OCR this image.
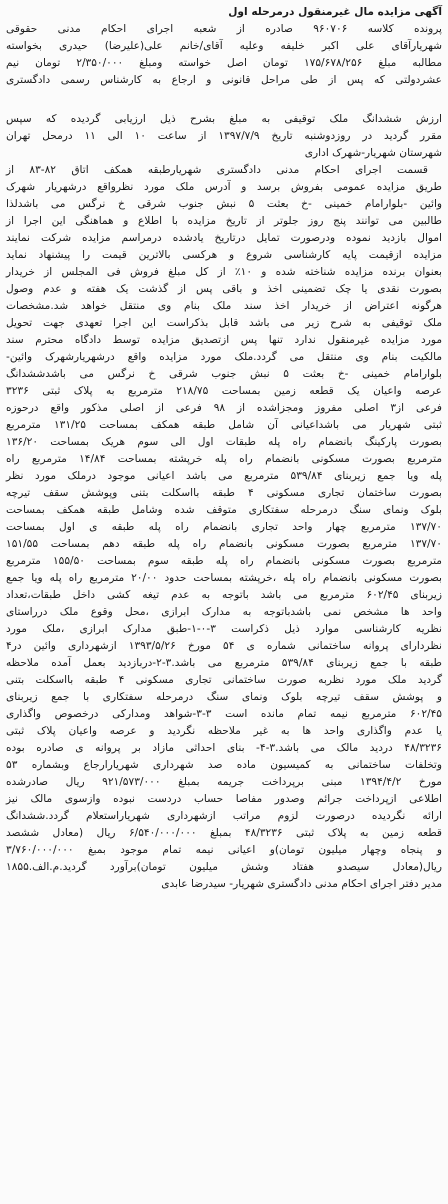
آگهی مزایده مال غیرمنقول درمرحله اول
پرونده کلاسه ۹۶۰۷۰۶ صادره از شعبه اجرای احکام مدنی حقوقی
شهریارآقای علی اکبر خلیفه وعلیه آقای/خانم علی(علیرضا) حیدری بخواسته
مطالبه مبلغ ۱۷۵/۶۷۸/۲۵۶ تومان اصل خواسته ومبلغ ۲/۳۵۰/۰۰۰ تومان نیم
عشردولتی که پس از طی مراحل قانونی و ارجاع به کارشناس رسمی دادگستری
ارزش ششدانگ ملک توقیفی به مبلغ بشرح ذیل ارزیابی گردیده که سپس
مقرر گردید در روزدوشنبه تاریخ ۱۳۹۷/۷/۹ از ساعت ۱۰ الی ۱۱ درمحل تهران
شهرستان شهریار-شهرک اداری
قسمت اجرای احکام مدنی دادگستری شهریارطبقه همکف اتاق ۸۲-۸۳ از
طریق مزایده عمومی بفروش برسد و آدرس ملک مورد نظرواقع درشهریار شهرک
وائین -بلوارامام خمینی -خ بعثت ۵ نبش جنوب شرقی خ نرگس می باشدلذا
طالبین می توانند پنج روز جلوتر از تاریخ مزایده با اطلاع و هماهنگی این اجرا از
اموال بازدید نموده ودرصورت تمایل درتاریخ یادشده درمراسم مزایده شرکت نمایند
مزایده ازقیمت پایه کارشناسی شروع و هرکسی بالاترین قیمت را پیشنهاد نماید
بعنوان برنده مزایده شناخته شده و ۱۰٪ از کل مبلغ فروش فی المجلس از خریدار
بصورت نقدی یا چک تضمینی اخذ و باقی پس از گذشت یک هفته و عدم وصول
هرگونه اعتراض از خریدار اخذ سند ملک بنام وی منتقل خواهد شد.مشخصات
ملک توقیفی به شرح زیر می باشد قابل بذکراست این اجرا تعهدی جهت تحویل
مورد مزایده غیرمنقول ندارد تنها پس ازتصدیق مزایده توسط دادگاه محترم سند
مالکیت بنام وی منتقل می گردد.ملک مورد مزایده واقع درشهریارشهرک وائین-
بلوارامام خمینی -خ بعثت ۵ نبش جنوب شرقی خ نرگس می باشدششدانگ
عرصه واعیان یک قطعه زمین بمساحت ۲۱۸/۷۵ مترمربع به پلاک ثبتی ۳۲۳۶
فرعی از۳ اصلی مفروز ومجزاشده از ۹۸ فرعی از اصلی مذکور واقع درحوزه
ثبتی شهریار می باشداعیانی آن شامل طبقه همکف بمساحت ۱۳۱/۲۵ مترمربع
بصورت پارکینگ بانضمام راه پله طبقات اول الی سوم هریک بمساحت ۱۳۶/۲۰
مترمربع بصورت مسکونی بانضمام راه پله خرپشته بمساحت ۱۴/۸۴ مترمربع راه
پله ویا جمع زیربنای ۵۳۹/۸۴ مترمربع می باشد اعیانی موجود درملک مورد نظر
بصورت ساختمان تجاری مسکونی ۴ طبقه بااسکلت بتنی وپوشش سقف تیرچه
بلوک ونمای سنگ درمرحله سفتکاری متوقف شده وشامل طبقه همکف بمساحت
۱۳۷/۷۰ مترمربع چهار واحد تجاری بانضمام راه پله طبقه ی اول بمساحت
۱۳۷/۷۰ مترمربع بصورت مسکونی بانضمام راه پله طبقه دهم بمساحت ۱۵۱/۵۵
مترمربع بصورت مسکونی بانضمام راه پله طبقه سوم بمساحت ۱۵۵/۵۰ مترمربع
بصورت مسکونی بانضمام راه پله ،خرپشته بمساحت حدود ۲۰/۰۰ مترمربع راه پله ویا جمع
زیربنای ۶۰۲/۴۵ مترمربع می باشد باتوجه به عدم تیغه کشی داخل طبقات،تعداد
واحد ها مشخص نمی باشدباتوجه به مدارک ابرازی ،محل وقوع ملک درراستای
نظریه کارشناسی موارد ذیل ذکراست ۳-۰-۱-طبق مدارک ابرازی ،ملک مورد
نظردارای پروانه ساختمانی شماره ی ۵۴ مورخ ۱۳۹۳/۵/۲۶ ازشهرداری وائین در۴
طبقه با جمع زیربنای ۵۳۹/۸۴ مترمربع می باشد.۳-۲-دربازدید بعمل آمده ملاحظه
گردید ملک مورد نظربه صورت ساختمانی تجاری مسکونی ۴ طبقه بااسکلت بتنی
و پوشش سقف تیرچه بلوک ونمای سنگ درمرحله سفتکاری با جمع زیربنای
۶۰۲/۴۵ مترمربع نیمه تمام مانده است ۳-۳-شواهد ومدارکی درخصوص واگذاری
یا عدم واگذاری واحد ها به غیر ملاحظه نگردید و عرصه واعیان پلاک ثبتی
۴۸/۳۲۳۶ دردید مالک می باشد.۳-۴- بنای احداثی مازاد بر پروانه ی صادره بوده
وتخلفات ساختمانی به کمیسیون ماده صد شهرداری شهریارارجاع وبشماره ۵۳
مورخ ۱۳۹۴/۴/۲ مبنی برپرداخت جریمه بمبلغ ۹۲۱/۵۷۳/۰۰۰ ریال صادرشده
اطلاعی ازپرداخت جرائم وصدور مفاصا حساب دردست نبوده وازسوی مالک نیز
ارائه نگردیده درصورت لزوم مراتب ازشهرداری شهریاراستعلام گردد.ششدانگ
قطعه زمین به پلاک ثبتی ۴۸/۳۲۳۶ بمبلغ ۶/۵۴۰/۰۰۰/۰۰۰ ریال (معادل ششصد
و پنجاه وچهار میلیون تومان)و اعیانی نیمه تمام موجود بمبغ ۳/۷۶۰/۰۰۰/۰۰۰
ریال(معادل سیصدو هفتاد وشش میلیون تومان)برآورد گردید.م.الف.۱۸۵۵
مدیر دفتر اجرای احکام مدنی دادگستری شهریار- سیدرضا عابدی
